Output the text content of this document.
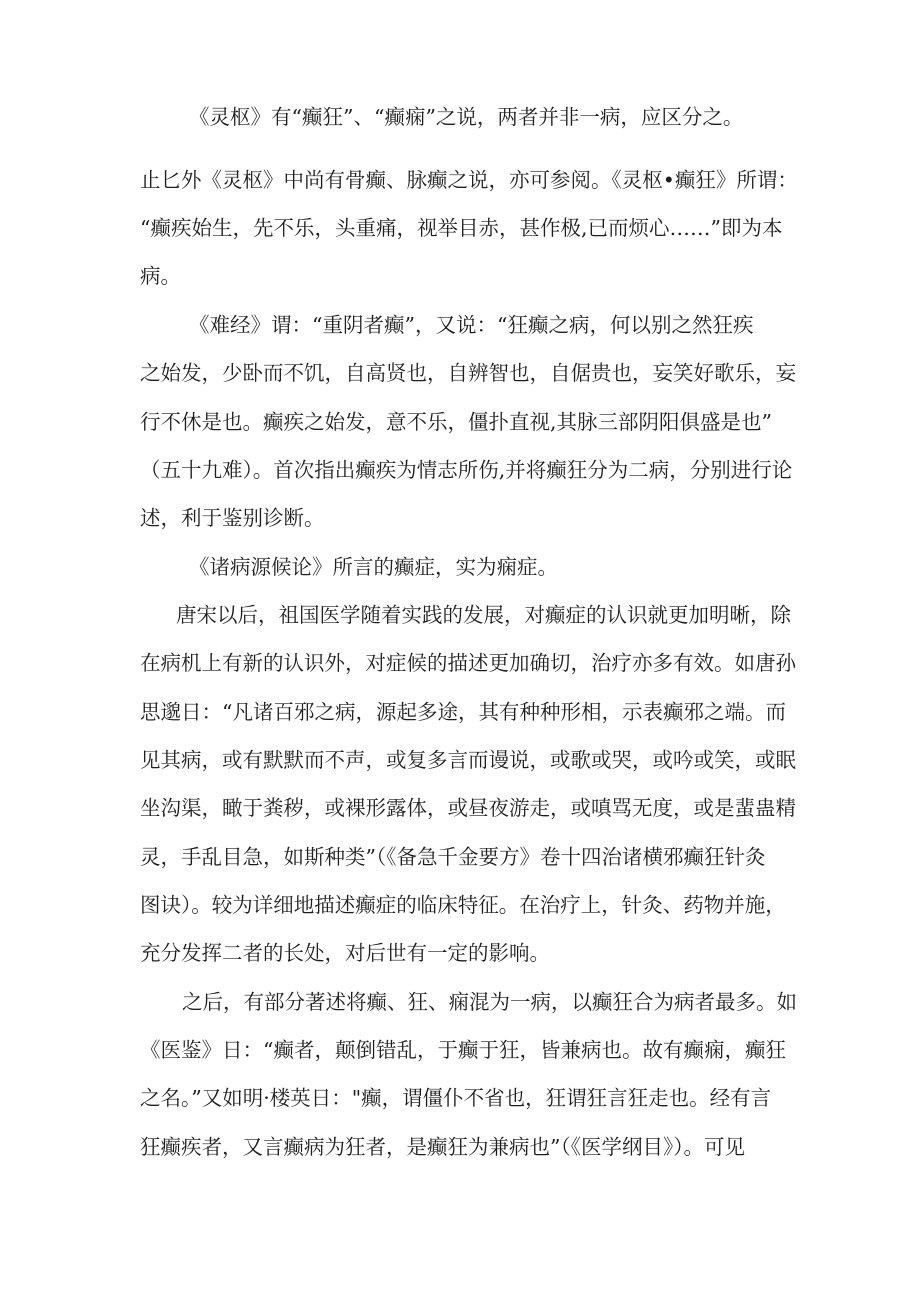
《灵枢》有“癫狂”、“癫痫”之说，两者并非一病，应区分之。
止匕外《灵枢》中尚有骨癫、脉癫之说，亦可参阅。《灵枢•癫狂》所谓：
“癫疾始生，先不乐，头重痛，视举目赤，甚作极,已而烦心……”即为本
病。
《难经》谓：“重阴者癫”，又说：“狂癫之病，何以别之然狂疾
之始发，少卧而不饥，自高贤也，自辨智也，自倨贵也，妄笑好歌乐，妄
行不休是也。癫疾之始发，意不乐，僵扑直视,其脉三部阴阳俱盛是也”
（五十九难）。首次指出癫疾为情志所伤,并将癫狂分为二病，分别进行论
述，利于鉴别诊断。
《诸病源候论》所言的癫症，实为痫症。
唐宋以后，祖国医学随着实践的发展，对癫症的认识就更加明晰，除
在病机上有新的认识外，对症候的描述更加确切，治疗亦多有效。如唐孙
思邈日：“凡诸百邪之病，源起多途，其有种种形相，示表癫邪之端。而
见其病，或有默默而不声，或复多言而谩说，或歌或哭，或吟或笑，或眠
坐沟渠，瞰于粪秽，或裸形露体，或昼夜游走，或嗔骂无度，或是蜚蛊精
灵，手乱目急，如斯种类”（《备急千金要方》卷十四治诸横邪癫狂针灸
图诀）。较为详细地描述癫症的临床特征。在治疗上，针灸、药物并施，
充分发挥二者的长处，对后世有一定的影响。
之后，有部分著述将癫、狂、痫混为一病，以癫狂合为病者最多。如
《医鉴》日：“癫者，颠倒错乱，于癫于狂，皆兼病也。故有癫痫，癫狂
之名。”又如明·楼英日："癫，谓僵仆不省也，狂谓狂言狂走也。经有言
狂癫疾者，又言癫病为狂者，是癫狂为兼病也”（《医学纲目》）。可见
